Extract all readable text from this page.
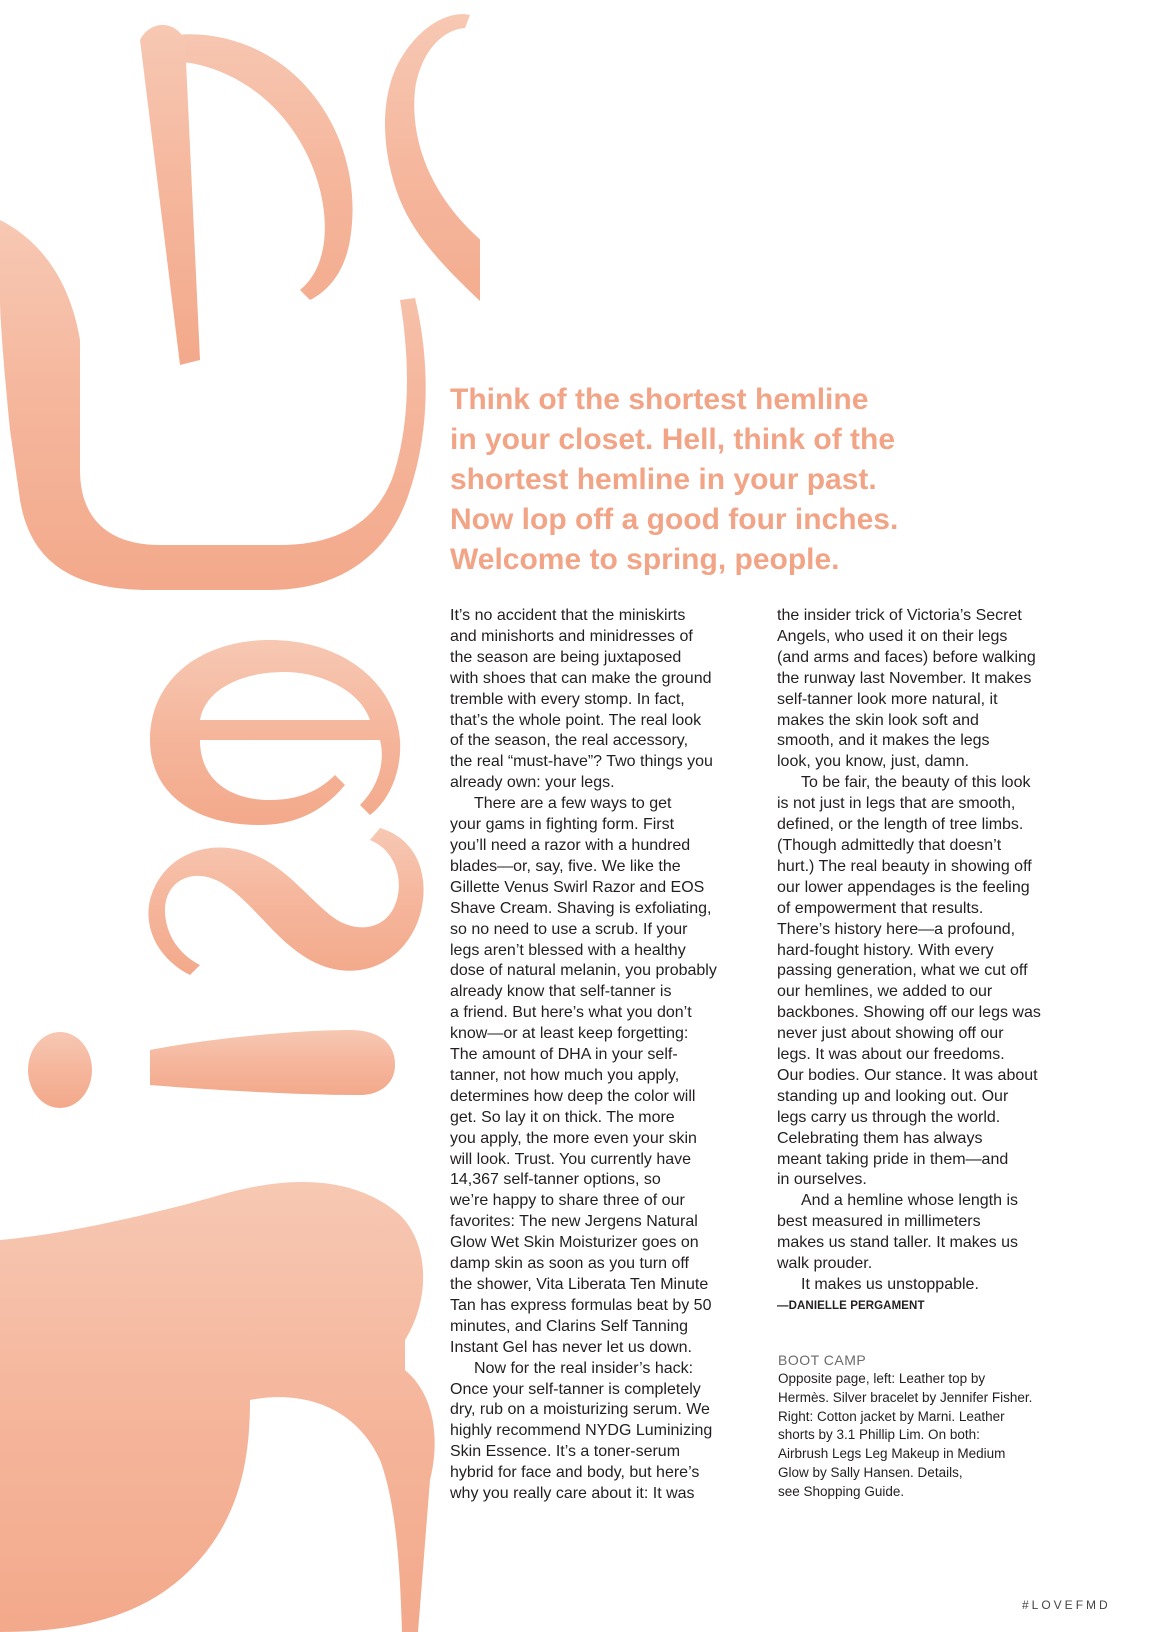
Think of the shortest hemline
in your closet. Hell, think of the
shortest hemline in your past.
Now lop off a good four inches.
Welcome to spring, people.
It’s no accident that the miniskirts
and minishorts and minidresses of
the season are being juxtaposed
with shoes that can make the ground
tremble with every stomp. In fact,
that’s the whole point. The real look
of the season, the real accessory,
the real “must-have”? Two things you
already own: your legs.
There are a few ways to get
your gams in fighting form. First
you’ll need a razor with a hundred
blades—or, say, five. We like the
Gillette Venus Swirl Razor and EOS
Shave Cream. Shaving is exfoliating,
so no need to use a scrub. If your
legs aren’t blessed with a healthy
dose of natural melanin, you probably
already know that self-tanner is
a friend. But here’s what you don’t
know—or at least keep forgetting:
The amount of DHA in your self-
tanner, not how much you apply,
determines how deep the color will
get. So lay it on thick. The more
you apply, the more even your skin
will look. Trust. You currently have
14,367 self-tanner options, so
we’re happy to share three of our
favorites: The new Jergens Natural
Glow Wet Skin Moisturizer goes on
damp skin as soon as you turn off
the shower, Vita Liberata Ten Minute
Tan has express formulas beat by 50
minutes, and Clarins Self Tanning
Instant Gel has never let us down.
Now for the real insider’s hack:
Once your self-tanner is completely
dry, rub on a moisturizing serum. We
highly recommend NYDG Luminizing
Skin Essence. It’s a toner-serum
hybrid for face and body, but here’s
why you really care about it: It was
the insider trick of Victoria’s Secret
Angels, who used it on their legs
(and arms and faces) before walking
the runway last November. It makes
self-tanner look more natural, it
makes the skin look soft and
smooth, and it makes the legs
look, you know, just, damn.
To be fair, the beauty of this look
is not just in legs that are smooth,
defined, or the length of tree limbs.
(Though admittedly that doesn’t
hurt.) The real beauty in showing off
our lower appendages is the feeling
of empowerment that results.
There’s history here—a profound,
hard-fought history. With every
passing generation, what we cut off
our hemlines, we added to our
backbones. Showing off our legs was
never just about showing off our
legs. It was about our freedoms.
Our bodies. Our stance. It was about
standing up and looking out. Our
legs carry us through the world.
Celebrating them has always
meant taking pride in them—and
in ourselves.
And a hemline whose length is
best measured in millimeters
makes us stand taller. It makes us
walk prouder.
It makes us unstoppable.
—DANIELLE PERGAMENT
BOOT CAMP
Opposite page, left: Leather top by
Hermès. Silver bracelet by Jennifer Fisher.
Right: Cotton jacket by Marni. Leather
shorts by 3.1 Phillip Lim. On both:
Airbrush Legs Leg Makeup in Medium
Glow by Sally Hansen. Details,
see Shopping Guide.
#LOVEFMD
